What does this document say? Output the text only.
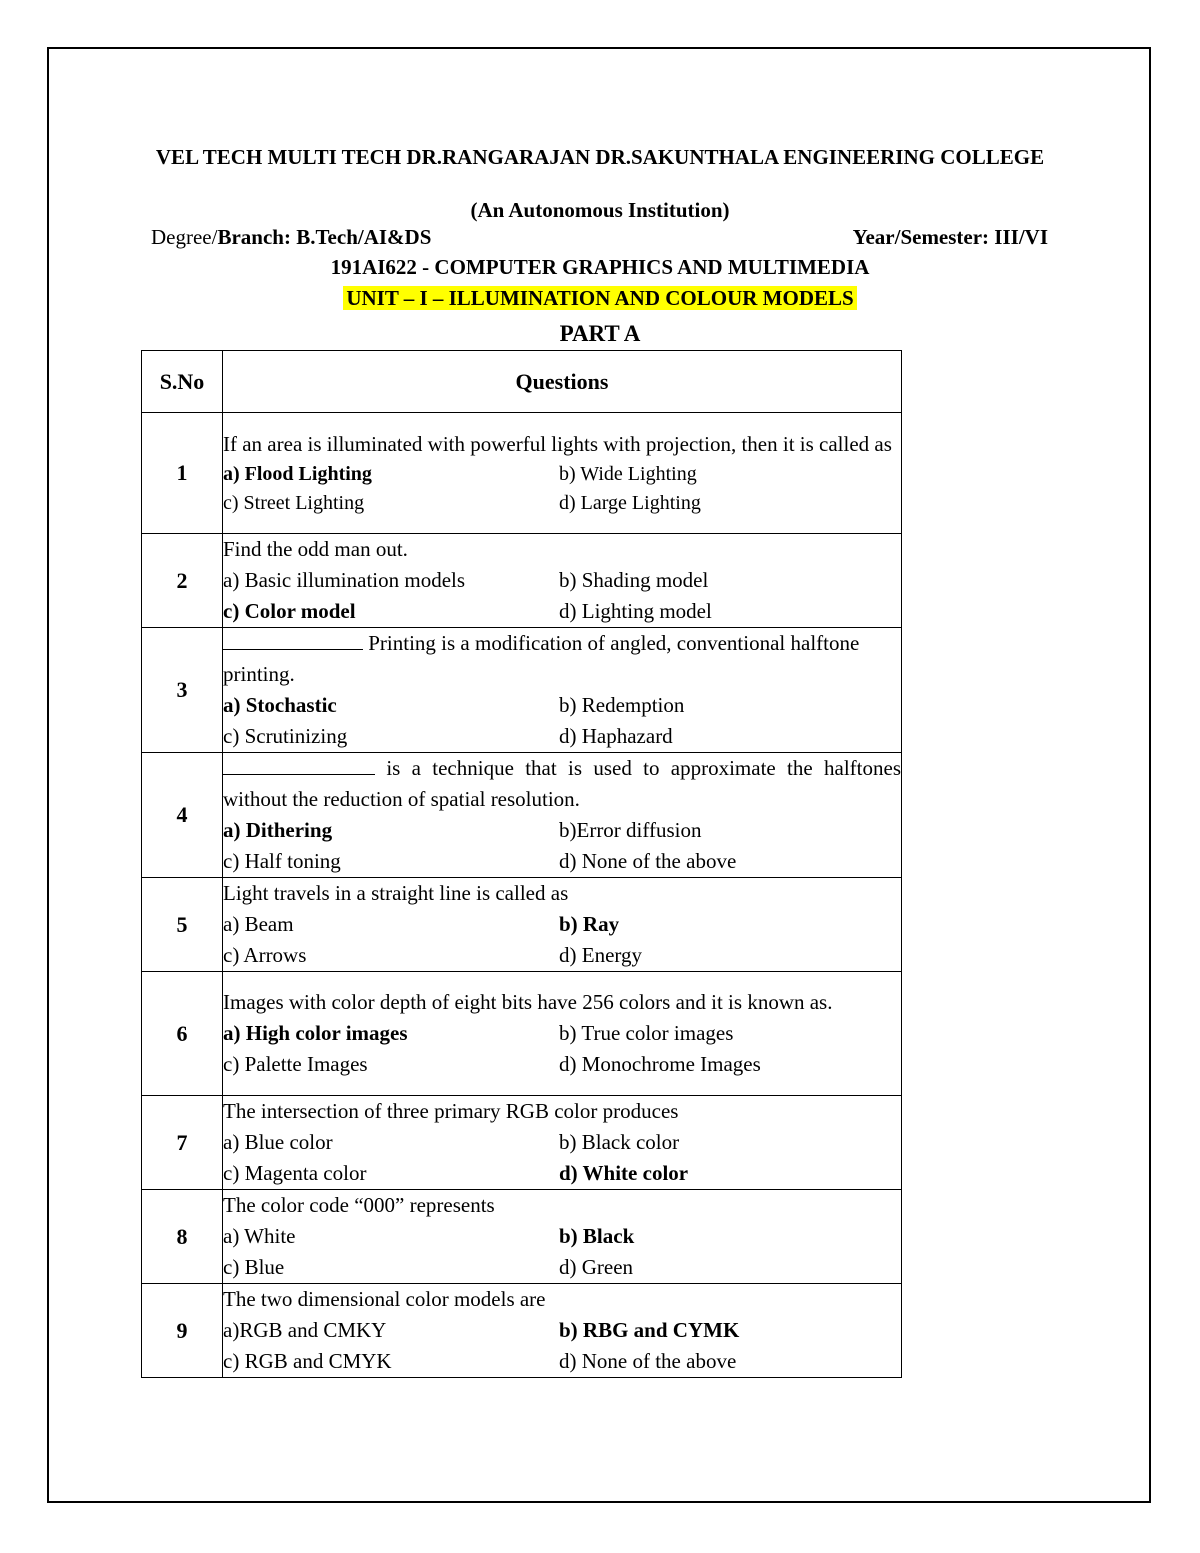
VEL TECH MULTI TECH DR.RANGARAJAN DR.SAKUNTHALA ENGINEERING COLLEGE
(An Autonomous Institution)
Degree/Branch: B.Tech/AI&DS	Year/Semester: III/VI
191AI622 - COMPUTER GRAPHICS AND MULTIMEDIA
UNIT – I – ILLUMINATION AND COLOUR MODELS
PART A
S.No	Questions
1	If an area is illuminated with powerful lights with projection, then it is called as
a) Flood Lighting b) Wide Lighting
c) Street Lighting d) Large Lighting

2	Find the odd man out.
a) Basic illumination models b) Shading model
c) Color model d) Lighting model

3	Printing is a modification of angled, conventional halftone printing.
a) Stochastic b) Redemption
c) Scrutinizing d) Haphazard

4	is a technique that is used to approximate the halftones without the reduction of spatial resolution.
a) Dithering b)Error diffusion
c) Half toning d) None of the above

5	Light travels in a straight line is called as
a) Beam b) Ray
c) Arrows d) Energy

6	Images with color depth of eight bits have 256 colors and it is known as.
a) High color images b) True color images
c) Palette Images d) Monochrome Images

7	The intersection of three primary RGB color produces
a) Blue color b) Black color
c) Magenta color d) White color

8	The color code “000” represents
a) White b) Black
c) Blue d) Green

9	The two dimensional color models are
a)RGB and CMKY b) RBG and CYMK
c) RGB and CMYK d) None of the above
